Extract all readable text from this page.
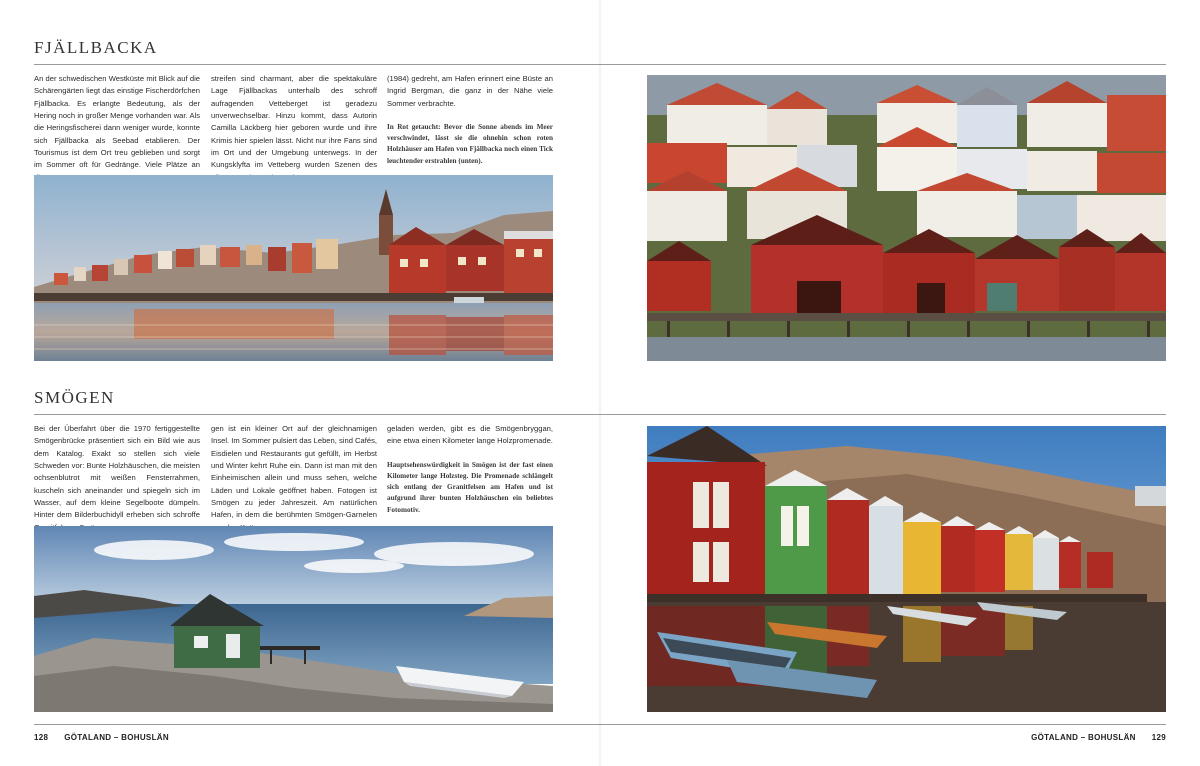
FJÄLLBACKA
An der schwedischen Westküste mit Blick auf die Schärengärten liegt das einstige Fischerdörfchen Fjällbacka. Es erlangte Bedeutung, als der Hering noch in großer Menge vorhanden war. Als die Heringsfischerei dann weniger wurde, konnte sich Fjällbacka als Seebad etablieren. Der Tourismus ist dem Ort treu geblieben und sorgt im Sommer oft für Gedränge. Viele Plätze an
streifen sind charmant, aber die spektakuläre Lage Fjällbackas unterhalb des schroff aufragenden Vetteberget ist geradezu unverwechselbar. Hinzu kommt, dass Autorin Camilla Läckberg hier geboren wurde und ihre Krimis hier spielen lässt. Nicht nur ihre Fans sind im Ort und der Umgebung unterwegs. In der Kungsklyfta im Vetteberg wurden Szenen des
(1984) gedreht, am Hafen erinnert eine Büste an Ingrid Bergman, die ganz in der Nähe viele Sommer verbrachte.
In Rot getaucht: Bevor die Sonne abends im Meer verschwindet, lässt sie die ohnehin schon roten Holzhäuser am Hafen von Fjällbacka noch einen Tick leuchtender erstrahlen (unten).
SMÖGEN
Bei der Überfahrt über die 1970 fertiggestellte Smögenbrücke präsentiert sich ein Bild wie aus dem Katalog. Exakt so stellen sich viele Schweden vor: Bunte Holzhäuschen, die meisten ochsenblutrot mit weißen Fensterrahmen, kuscheln sich aneinander und spiegeln sich im Wasser, auf dem kleine Segelboote dümpeln. Hinter dem Bilderbuchidyll erheben sich schroffe
gen ist ein kleiner Ort auf der gleichnamigen Insel. Im Sommer pulsiert das Leben, sind Cafés, Eisdielen und Restaurants gut gefüllt, im Herbst und Winter kehrt Ruhe ein. Dann ist man mit den Einheimischen allein und muss sehen, welche Läden und Lokale geöffnet haben. Fotogen ist Smögen zu jeder Jahreszeit. Am natürlichen Hafen, in dem die berühmten Smögen-Garnelen
geladen werden, gibt es die Smögenbryggan, eine etwa einen Kilometer lange Holzpromenade.
Hauptsehenswürdigkeit in Smögen ist der fast einen Kilometer lange Holzsteg. Die Promenade schlängelt sich entlang der Granitfelsen am Hafen und ist aufgrund ihrer bunten Holzhäuschen ein beliebtes Fotomotiv.
128 GÖTALAND – BOHUSLÄN	GÖTALAND – BOHUSLÄN 129
